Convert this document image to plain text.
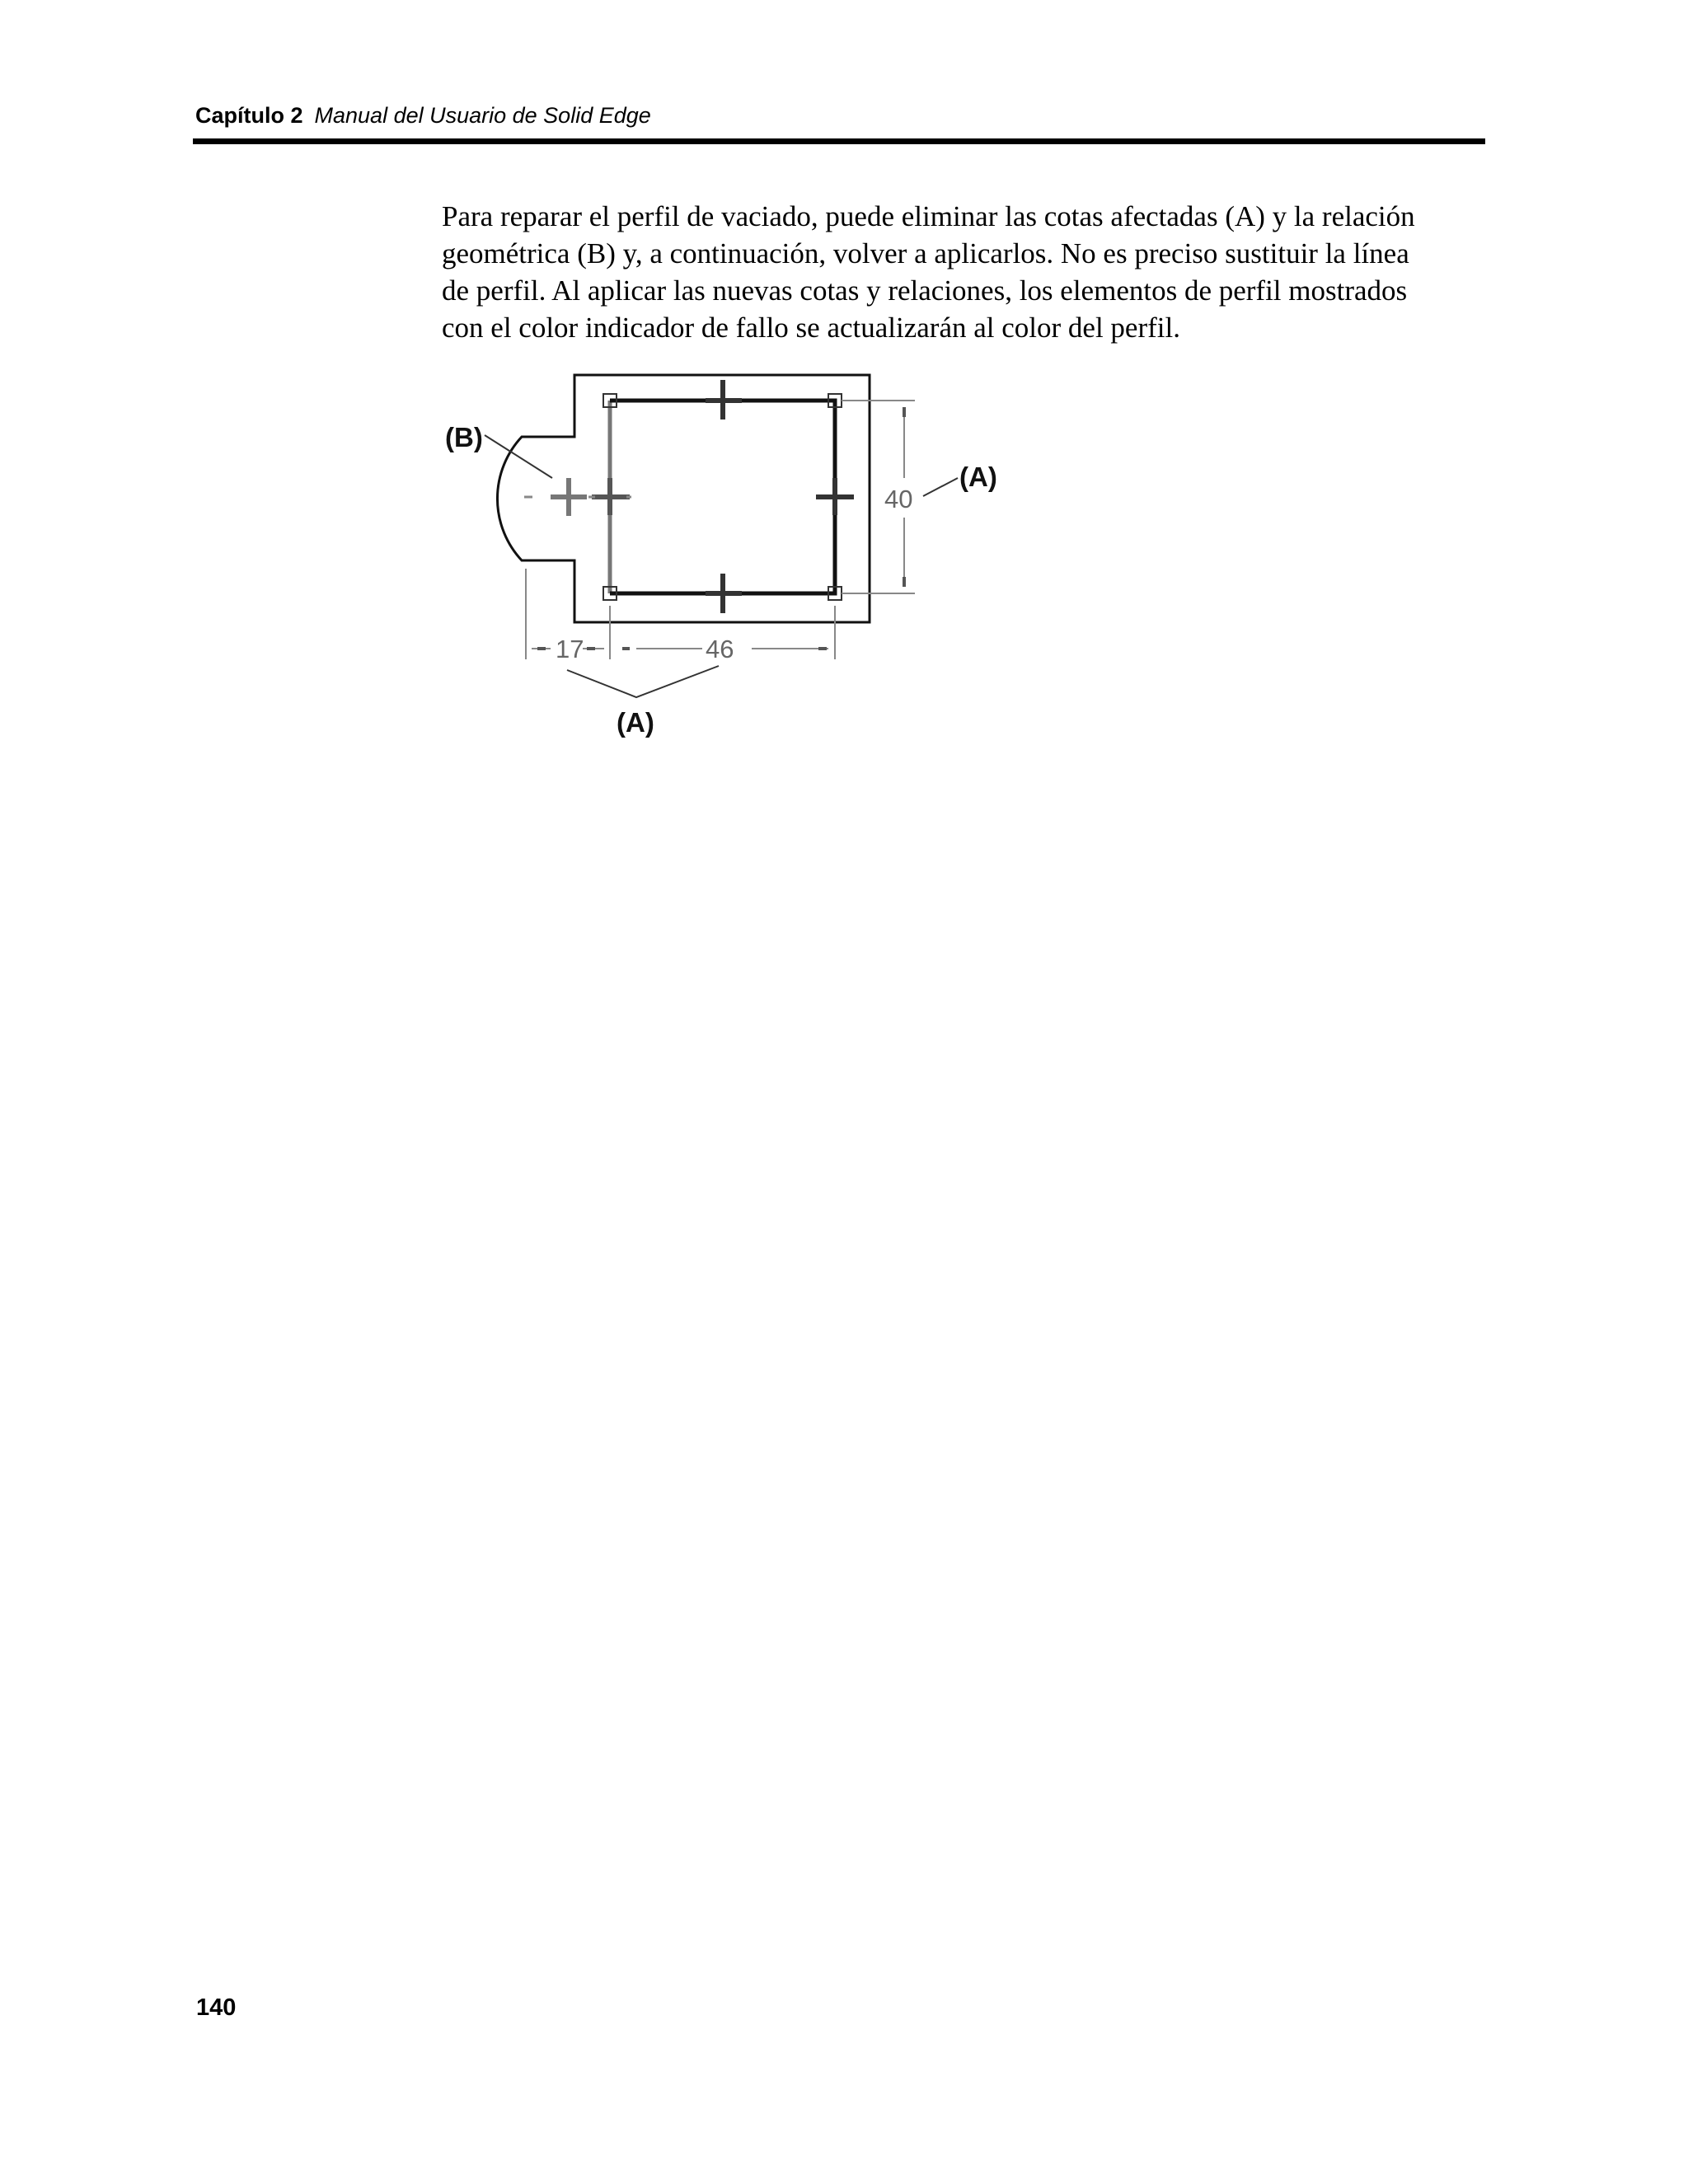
Capítulo 2 Manual del Usuario de Solid Edge

Para reparar el perfil de vaciado, puede eliminar las cotas afectadas (A) y la relación
geométrica (B) y, a continuación, volver a aplicarlos. No es preciso sustituir la línea
de perfil. Al aplicar las nuevas cotas y relaciones, los elementos de perfil mostrados
con el color indicador de fallo se actualizarán al color del perfil.

40
(A)
17	46
(A)
(B)
140
